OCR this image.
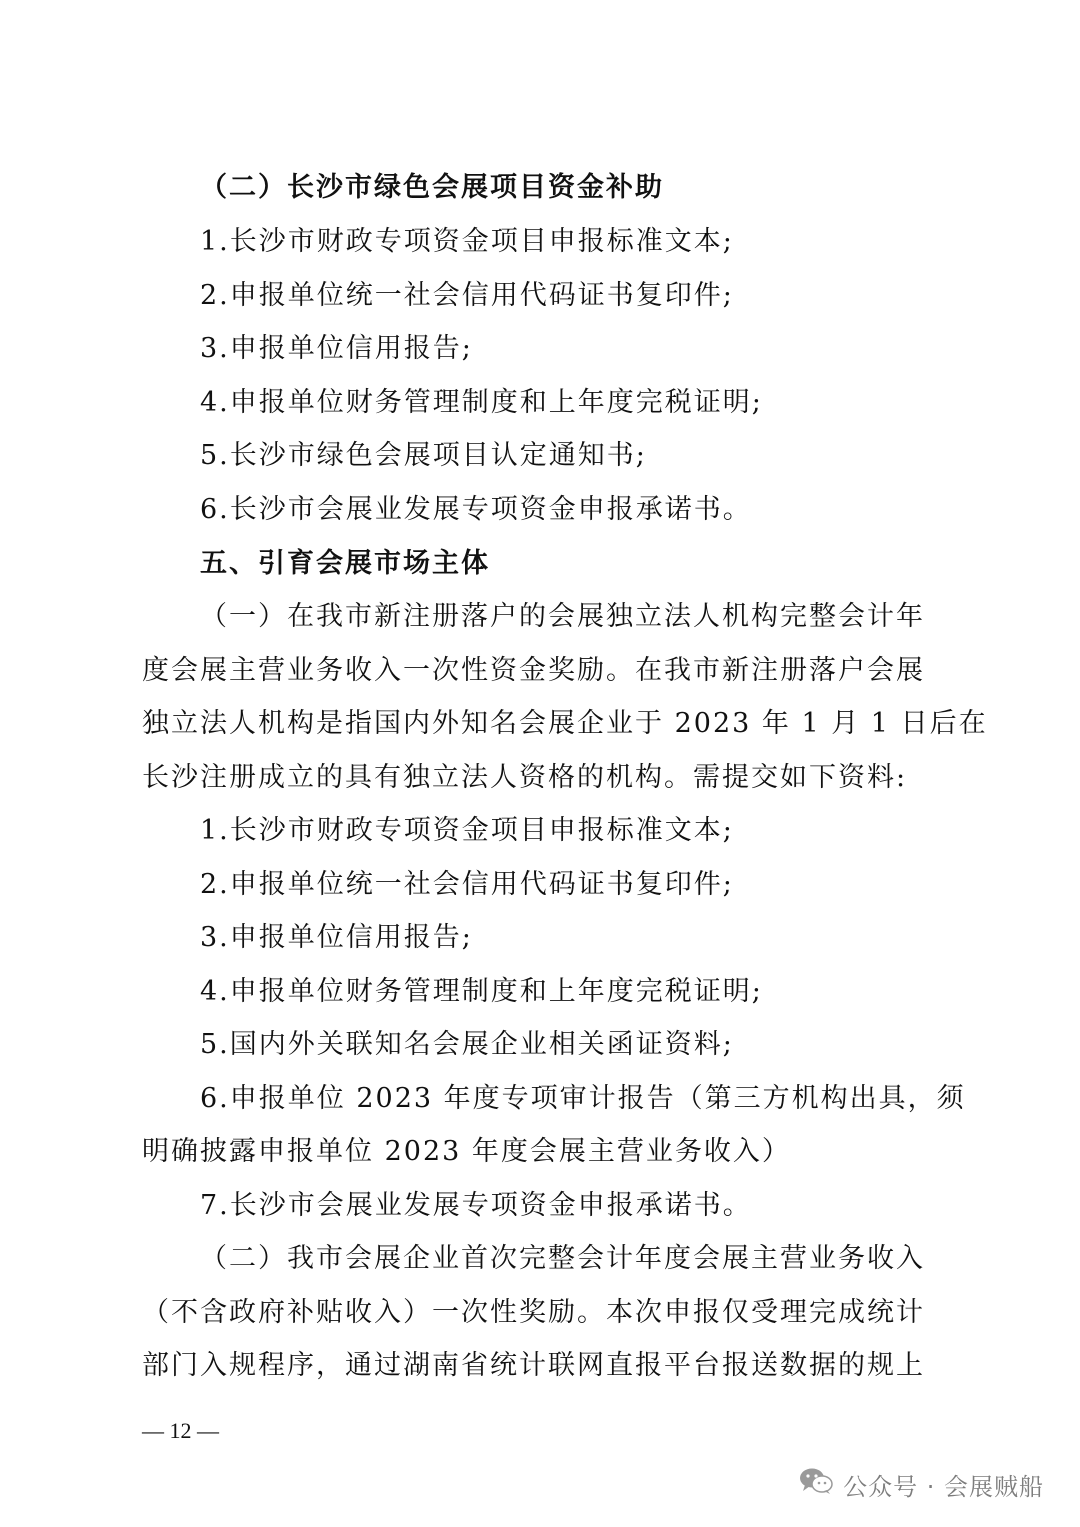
（二）长沙市绿色会展项目资金补助
1.长沙市财政专项资金项目申报标准文本;
2.申报单位统一社会信用代码证书复印件;
3.申报单位信用报告;
4.申报单位财务管理制度和上年度完税证明;
5.长沙市绿色会展项目认定通知书;
6.长沙市会展业发展专项资金申报承诺书。
五、引育会展市场主体
（一）在我市新注册落户的会展独立法人机构完整会计年
度会展主营业务收入一次性资金奖励。在我市新注册落户会展
独立法人机构是指国内外知名会展企业于 2023 年 1 月 1 日后在
长沙注册成立的具有独立法人资格的机构。需提交如下资料:
1.长沙市财政专项资金项目申报标准文本;
2.申报单位统一社会信用代码证书复印件;
3.申报单位信用报告;
4.申报单位财务管理制度和上年度完税证明;
5.国内外关联知名会展企业相关函证资料;
6.申报单位 2023 年度专项审计报告（第三方机构出具，须
明确披露申报单位 2023 年度会展主营业务收入）
7.长沙市会展业发展专项资金申报承诺书。
（二）我市会展企业首次完整会计年度会展主营业务收入
（不含政府补贴收入）一次性奖励。本次申报仅受理完成统计
部门入规程序，通过湖南省统计联网直报平台报送数据的规上
— 12 —
公众号 · 会展贼船
